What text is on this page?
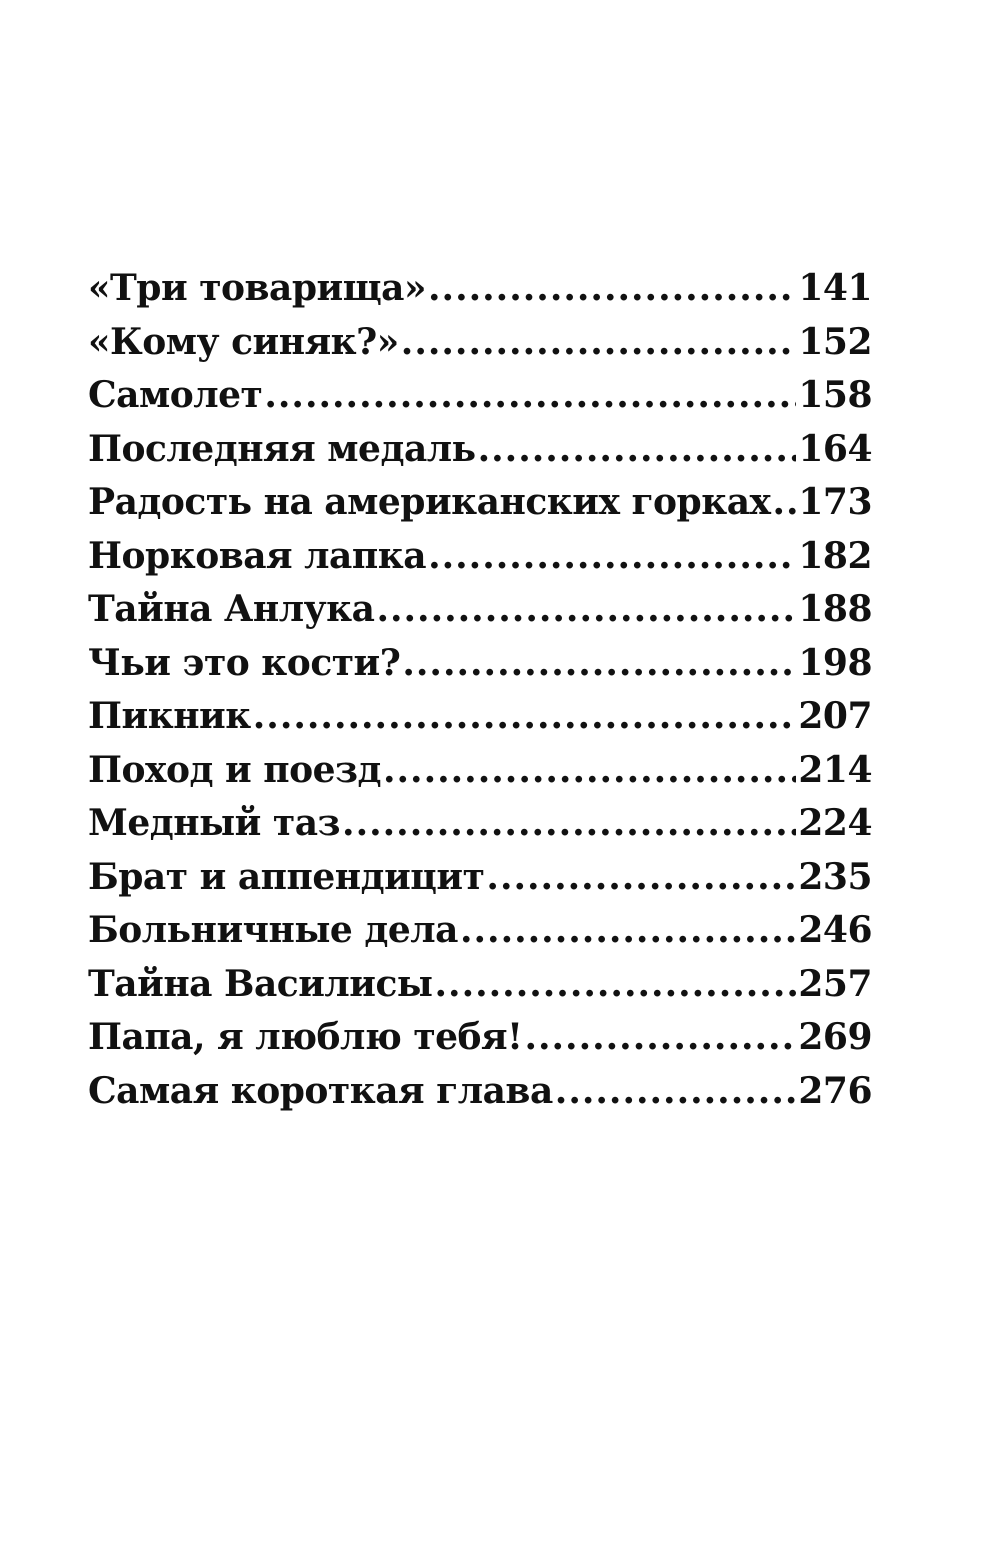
«Три товарища» .....	141
«Кому синяк?» .....	152
Самолет .....	158
Последняя медаль .....	164
Радость на американских горках ..... 173
Норковая лапка .....	182
Тайна Анлука .....	188
Чьи это кости? .....	198
Пикник .....	207
Поход и поезд .....	214
Медный таз .....	224
Брат и аппендицит .....	235
Больничные дела .....	246
Тайна Василисы .....	257
Папа, я люблю тебя! .....	269
Самая короткая глава .....	276
